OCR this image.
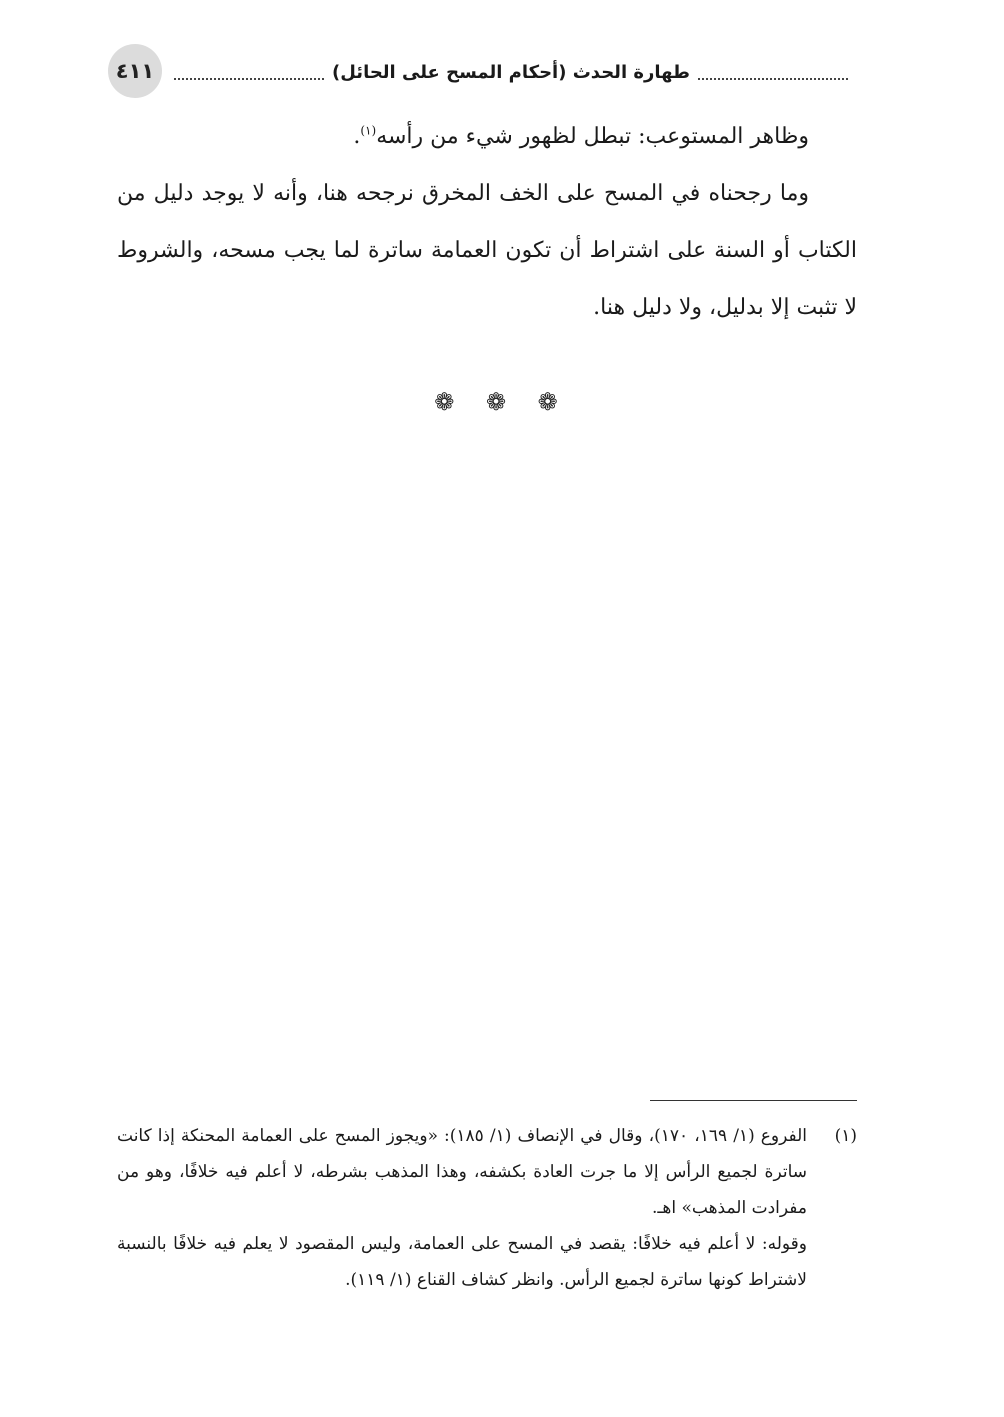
٤١١	طهارة الحدث (أحكام المسح على الحائل)

وظاهر المستوعب: تبطل لظهور شيء من رأسه$^{(١)}$.

وما رجحناه في المسح على الخف المخرق نرجحه هنا، وأنه لا يوجد دليل من الكتاب أو السنة على اشتراط أن تكون العمامة ساترة لما يجب مسحه، والشروط لا تثبت إلا بدليل، ولا دليل هنا.

❁ ❁ ❁
(١)

الفروع (١/ ١٦٩، ١٧٠)، وقال في الإنصاف (١/ ١٨٥): «ويجوز المسح على العمامة المحنكة إذا كانت ساترة لجميع الرأس إلا ما جرت العادة بكشفه، وهذا المذهب بشرطه، لا أعلم فيه خلافًا، وهو من مفرادت المذهب» اهـ.

وقوله: لا أعلم فيه خلافًا: يقصد في المسح على العمامة، وليس المقصود لا يعلم فيه خلافًا بالنسبة لاشتراط كونها ساترة لجميع الرأس. وانظر كشاف القناع (١/ ١١٩).
